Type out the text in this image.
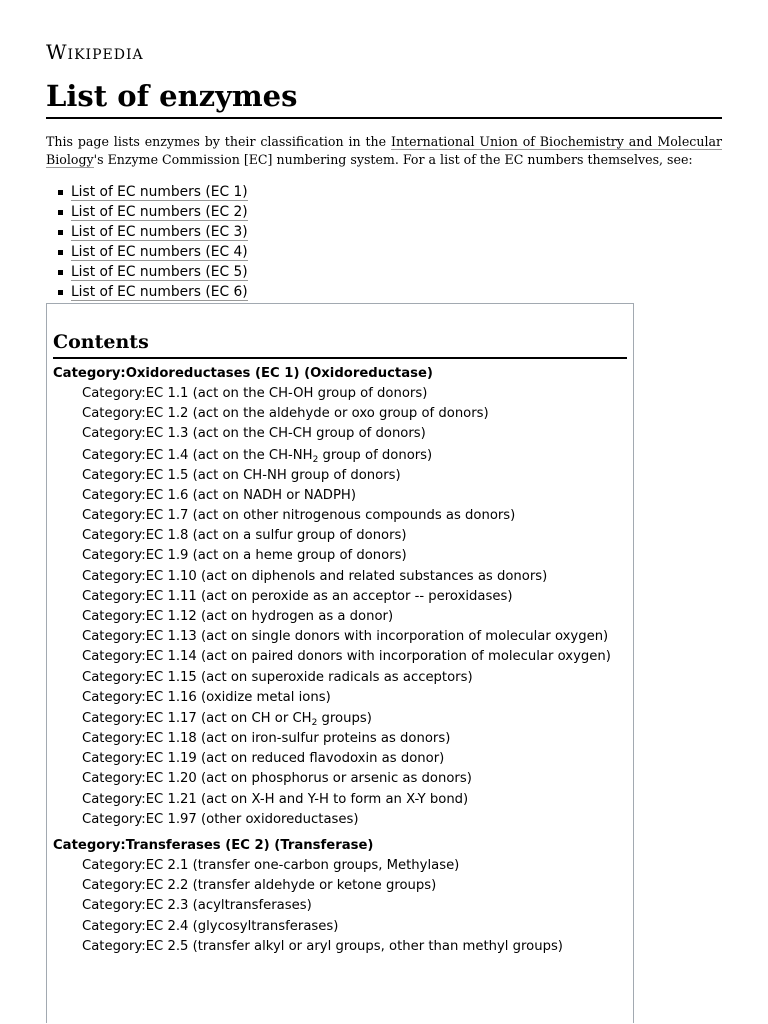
Wikipedia
List of enzymes

This page lists enzymes by their classification in the International Union of Biochemistry and Molecular Biology's Enzyme Commission [EC] numbering system. For a list of the EC numbers themselves, see:

List of EC numbers (EC 1)
List of EC numbers (EC 2)
List of EC numbers (EC 3)
List of EC numbers (EC 4)
List of EC numbers (EC 5)
List of EC numbers (EC 6)
Contents
Category:Oxidoreductases (EC 1) (Oxidoreductase)
Category:EC 1.1 (act on the CH-OH group of donors)
Category:EC 1.2 (act on the aldehyde or oxo group of donors)
Category:EC 1.3 (act on the CH-CH group of donors)
Category:EC 1.4 (act on the $CH-NH_2$ group of donors)
Category:EC 1.5 (act on CH-NH group of donors)
Category:EC 1.6 (act on NADH or NADPH)
Category:EC 1.7 (act on other nitrogenous compounds as donors)
Category:EC 1.8 (act on a sulfur group of donors)
Category:EC 1.9 (act on a heme group of donors)
Category:EC 1.10 (act on diphenols and related substances as donors)
Category:EC 1.11 (act on peroxide as an acceptor -- peroxidases)
Category:EC 1.12 (act on hydrogen as a donor)
Category:EC 1.13 (act on single donors with incorporation of molecular oxygen)
Category:EC 1.14 (act on paired donors with incorporation of molecular oxygen)
Category:EC 1.15 (act on superoxide radicals as acceptors)
Category:EC 1.16 (oxidize metal ions)
Category:EC 1.17 (act on CH or $CH_2$ groups)
Category:EC 1.18 (act on iron-sulfur proteins as donors)
Category:EC 1.19 (act on reduced flavodoxin as donor)
Category:EC 1.20 (act on phosphorus or arsenic as donors)
Category:EC 1.21 (act on X-H and Y-H to form an X-Y bond)
Category:EC 1.97 (other oxidoreductases)
Category:Transferases (EC 2) (Transferase)
Category:EC 2.1 (transfer one-carbon groups, Methylase)
Category:EC 2.2 (transfer aldehyde or ketone groups)
Category:EC 2.3 (acyltransferases)
Category:EC 2.4 (glycosyltransferases)
Category:EC 2.5 (transfer alkyl or aryl groups, other than methyl groups)
